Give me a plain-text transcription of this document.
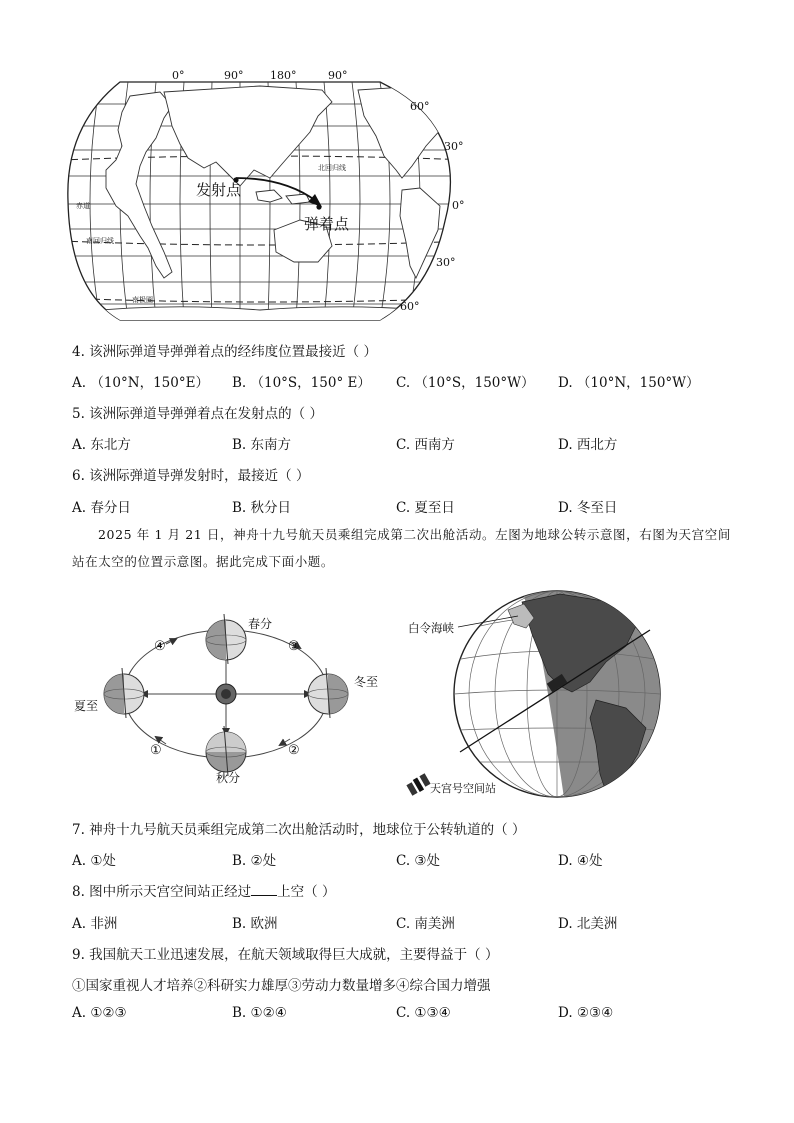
发射点
弹着点
北回归线
赤道
南回归线
南极圈
0°	90° 180°	90°
60°
30°
0°
30°
60°
4. 该洲际弹道导弹弹着点的经纬度位置最接近（ ）
A. （10°N，150°E） B. （10°S，150° E） C. （10°S，150°W） D. （10°N，150°W）
5. 该洲际弹道导弹弹着点在发射点的（ ）
A. 东北方	B. 东南方	C. 西南方	D. 西北方
6. 该洲际弹道导弹发射时，最接近（ ）
A. 春分日	B. 秋分日	C. 夏至日	D. 冬至日
2025 年 1 月 21 日，神舟十九号航天员乘组完成第二次出舱活动。左图为地球公转示意图，右图为天宫空间站在太空的位置示意图。据此完成下面小题。
春分
夏至
冬至
秋分
④	③
①	②
白令海峡
天宫号空间站
7. 神舟十九号航天员乘组完成第二次出舱活动时，地球位于公转轨道的（ ）
A. ①处	B. ②处	C. ③处	D. ④处
8. 图中所示天宫空间站正经过 上空（ ）
A. 非洲	B. 欧洲	C. 南美洲	D. 北美洲
9. 我国航天工业迅速发展，在航天领域取得巨大成就，主要得益于（ ）
①国家重视人才培养②科研实力雄厚③劳动力数量增多④综合国力增强
A. ①②③	B. ①②④	C. ①③④	D. ②③④
